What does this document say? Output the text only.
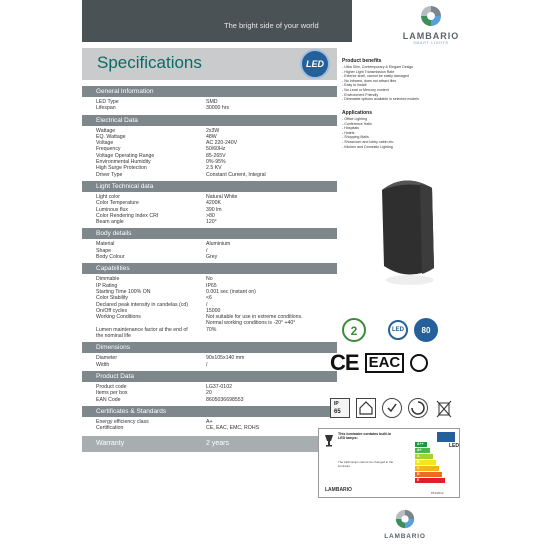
The bright side of your world
LAMBARIO
SMART LIGHTS
Specifications	LED
General Information
LED Type	SMD
Lifespan	30000 hrs
Electrical Data
Wattage	2x3W
EQ. Wattage	48W
Voltage	AC 220-240V
Frequency	50/60Hz
Voltage Operating Range	85-265V
Environmental Humidity	0%-95%
High Surge Protection	2.5 KV
Driver Type	Constant Current, Integral
Light Technical data
Light color	Natural White
Color Temperature	4200K
Luminous flux	390 lm
Color Rendering Index CRI	>80
Beam angle	120°
Body details
Material	Aluminium
Shape	/
Body Colour	Grey
Capabilities
Dimmable	No
IP Rating	IP65
Starting Time 100% ON	0.001 sec (instant on)
Color Stability	<6
Declared peak intensity in candelas (cd)	/
On/Off cycles	15000
Working Conditions	Not suitable for use in extreme conditions.
Normal working conditions is -20° +40°
Lumen maintenance factor at the end of	70%
the nominal life
Dimensions
Diameter	90x105x140 mm
Width	/
Product Data
Product code	LG37-0102
Items per box	20
EAN Code	8605036698553
Certificates & Standards
Energy efficiency class	A+
Certification	CE, EAC, EMC, ROHS
Warranty	2 years
Product benefits
- Ultra Slim, Contemporary & Elegant Design
- Higher Light Transmission Rate
- Exterior shell, cannot be easily damaged
- No infrared, does not attract flies
- Easy to install
- No Lead or Mercury content
- Environment Friendly
- Dimmable options available in selected models
Applications
- Office Lighting
- Conference Halls
- Hospitals
- Hotels
- Shopping Malls
- Showroom and lobby cabin etc.
- Kitchen and Domestic Lighting
2	LED	80
CE EAC
IP
65
This luminaire contains built-in LED lamps:
The LED lamps cannot be changed in the luminaire
A++
A+
A
B
C
D
E
LED
LAMBARIO	874/2012
LAMBARIO
